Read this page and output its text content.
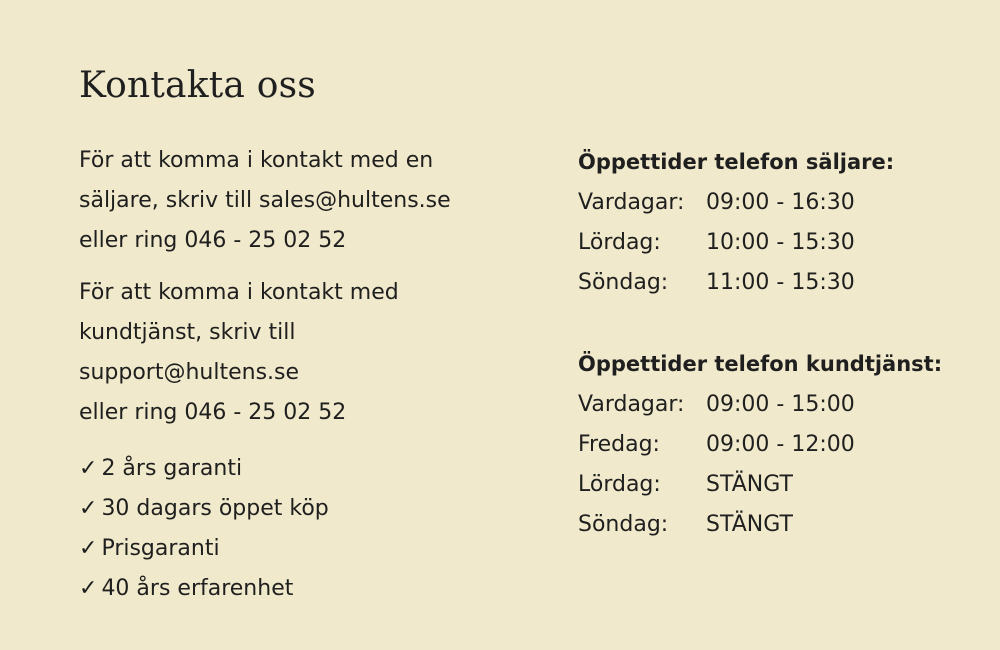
Kontakta oss
För att komma i kontakt med en
säljare, skriv till sales@hultens.se
eller ring 046 - 25 02 52
För att komma i kontakt med
kundtjänst, skriv till
support@hultens.se
eller ring 046 - 25 02 52
✓ 2 års garanti
✓ 30 dagars öppet köp
✓ Prisgaranti
✓ 40 års erfarenhet
Öppettider telefon säljare:
Vardagar: 09:00 - 16:30
Lördag:	10:00 - 15:30
Söndag:	11:00 - 15:30
Öppettider telefon kundtjänst:
Vardagar: 09:00 - 15:00
Fredag:	09:00 - 12:00
Lördag:	STÄNGT
Söndag:	STÄNGT
